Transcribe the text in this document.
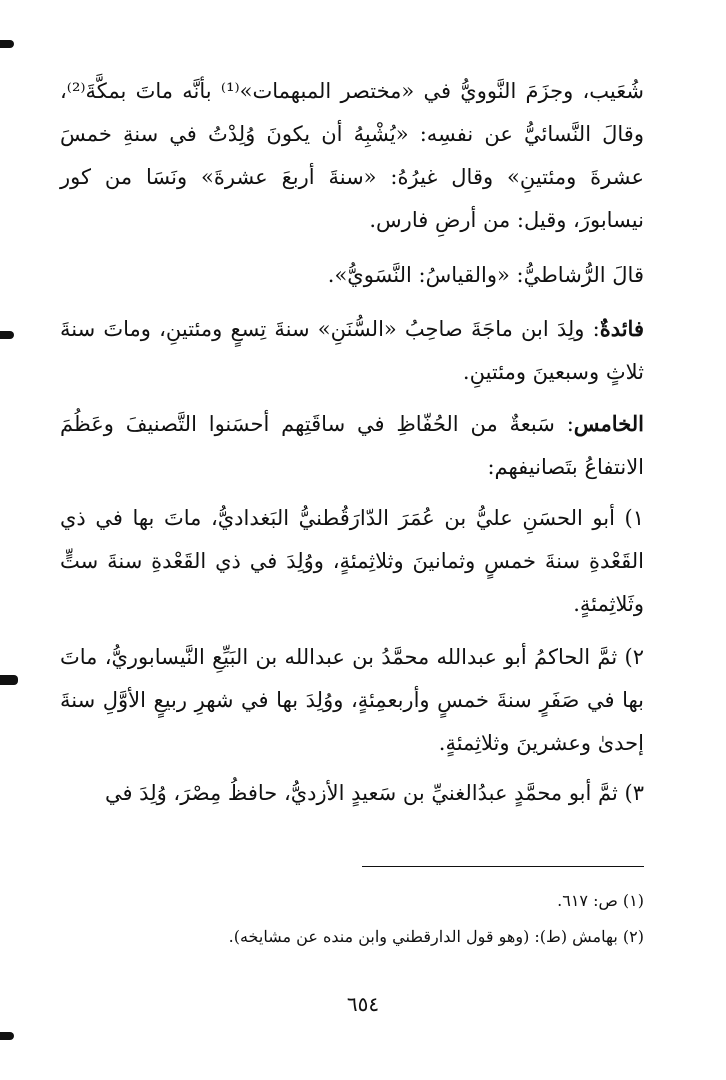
شُعَيب، وجزَمَ النَّوويُّ في «مختصر المبهمات»⁽¹⁾ بأنَّه ماتَ بمكَّةَ⁽²⁾، وقالَ النَّسائيُّ عن نفسِه: «يُشْبِهُ أن يكونَ وُلِدْتُ في سنةِ خمسَ عشرةَ ومئتينِ» وقال غيرُهُ: «سنةَ أربعَ عشرةَ» ونَسَا من كور نيسابورَ، وقيل: من أرضِ فارس.

قالَ الرُّشاطيُّ: «والقياسُ: النَّسَويُّ».

فائدةٌ: ولِدَ ابن ماجَةَ صاحِبُ «السُّنَنِ» سنةَ تِسعٍ ومئتينِ، وماتَ سنةَ ثلاثٍ وسبعينَ ومئتينِ.

الخامس: سَبعةٌ من الحُفّاظِ في ساقَتِهم أحسَنوا التَّصنيفَ وعَظُمَ الانتفاعُ بتَصانيفهم:

١) أبو الحسَنِ عليُّ بن عُمَرَ الدّارَقُطنيُّ البَغداديُّ، ماتَ بها في ذي القَعْدةِ سنةَ خمسٍ وثمانينَ وثلاثِمئةٍ، ووُلِدَ في ذي القَعْدةِ سنةَ ستٍّ وثَلاثِمئةٍ.

٢) ثمَّ الحاكمُ أبو عبدالله محمَّدُ بن عبدالله بن البَيِّعِ النَّيسابوريُّ، ماتَ بها في صَفَرٍ سنةَ خمسٍ وأربعمِئةٍ، ووُلِدَ بها في شهرِ ربيعٍ الأوَّلِ سنةَ إحدىٰ وعشرينَ وثلاثِمئةٍ.

٣) ثمَّ أبو محمَّدٍ عبدُالغنيِّ بن سَعيدٍ الأزديُّ، حافظُ مِصْرَ، وُلِدَ في

(١) ص: ٦١٧.

(٢) بهامش (ط): (وهو قول الدارقطني وابن منده عن مشايخه).

٦٥٤
